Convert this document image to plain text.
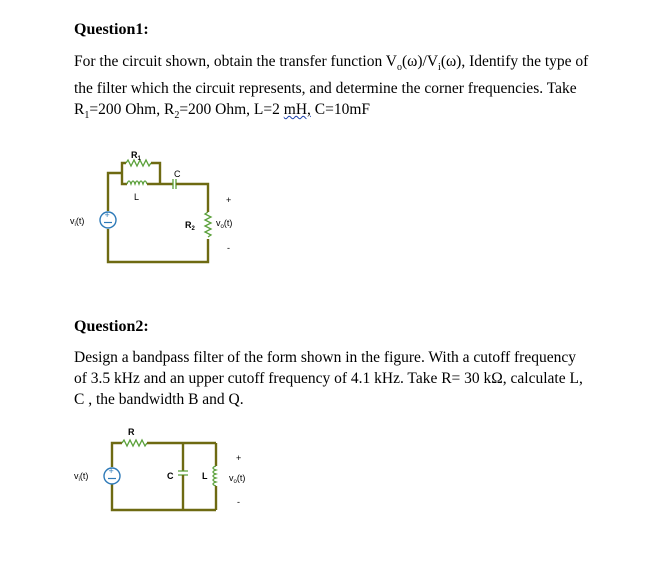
Question1:
For the circuit shown, obtain the transfer function $V_o(\omega)/V_i(\omega)$, Identify the type of
the filter which the circuit represents, and determine the corner frequencies. Take
$R_1=200$ Ohm, $R_2=200$ Ohm, L=2 mH, C=10mF
+
$R_1$
C
L
$v_i(t)$	$R_2$
$v_o(t)$
+
-
Question2:
Design a bandpass filter of the form shown in the figure. With a cutoff frequency
of 3.5 kHz and an upper cutoff frequency of 4.1 kHz. Take R= 30 kΩ, calculate L,
C , the bandwidth B and Q.
+
R
C	L
$v_i(t)$	$v_o(t)$
+
-
